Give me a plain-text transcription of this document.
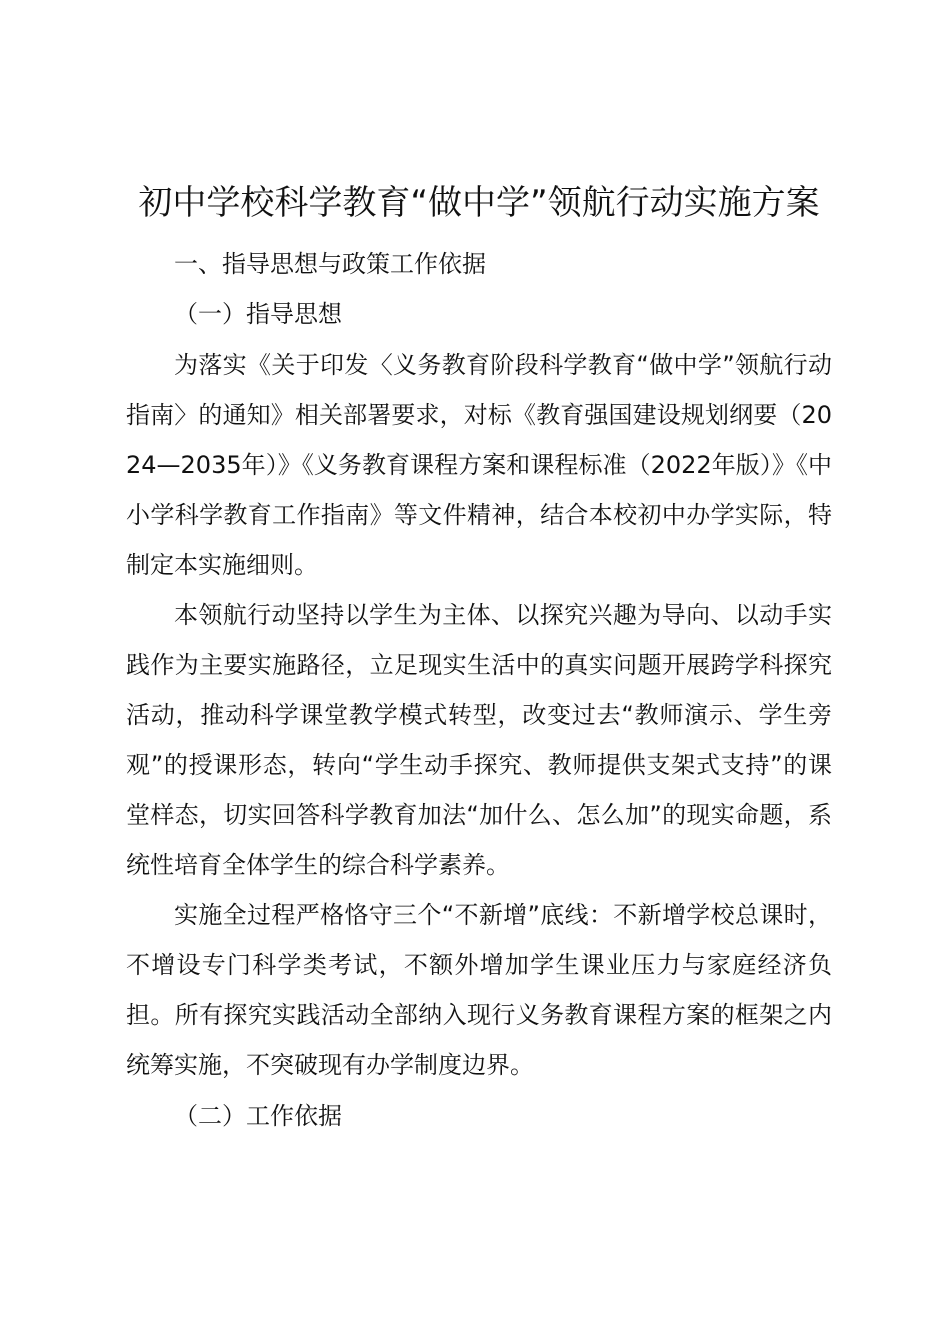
初中学校科学教育“做中学”领航行动实施方案
一、指导思想与政策工作依据
（一）指导思想

为落实《关于印发〈义务教育阶段科学教育“做中学”领航行动指南〉的通知》相关部署要求，对标《教育强国建设规划纲要（2024—2035年）》《义务教育课程方案和课程标准（2022年版）》《中小学科学教育工作指南》等文件精神，结合本校初中办学实际，特制定本实施细则。

本领航行动坚持以学生为主体、以探究兴趣为导向、以动手实践作为主要实施路径，立足现实生活中的真实问题开展跨学科探究活动，推动科学课堂教学模式转型，改变过去“教师演示、学生旁观”的授课形态，转向“学生动手探究、教师提供支架式支持”的课堂样态，切实回答科学教育加法“加什么、怎么加”的现实命题，系统性培育全体学生的综合科学素养。

实施全过程严格恪守三个“不新增”底线：不新增学校总课时，不增设专门科学类考试，不额外增加学生课业压力与家庭经济负担。所有探究实践活动全部纳入现行义务教育课程方案的框架之内统筹实施，不突破现有办学制度边界。

（二）工作依据
